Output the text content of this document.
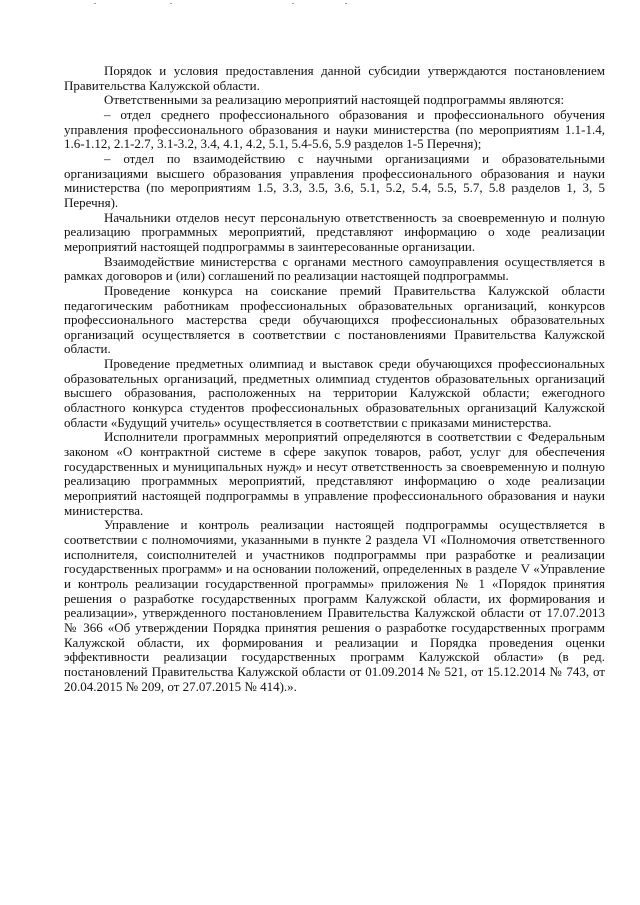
Порядок и условия предоставления данной субсидии утверждаются постановлением Правительства Калужской области.

Ответственными за реализацию мероприятий настоящей подпрограммы являются:

– отдел среднего профессионального образования и профессионального обучения управления профессионального образования и науки министерства (по мероприятиям 1.1-1.4, 1.6-1.12, 2.1-2.7, 3.1-3.2, 3.4, 4.1, 4.2, 5.1, 5.4-5.6, 5.9 разделов 1-5 Перечня);

– отдел по взаимодействию с научными организациями и образовательными организациями высшего образования управления профессионального образования и науки министерства (по мероприятиям 1.5, 3.3, 3.5, 3.6, 5.1, 5.2, 5.4, 5.5, 5.7, 5.8 разделов 1, 3, 5 Перечня).

Начальники отделов несут персональную ответственность за своевременную и полную реализацию программных мероприятий, представляют информацию о ходе реализации мероприятий настоящей подпрограммы в заинтересованные организации.

Взаимодействие министерства с органами местного самоуправления осуществляется в рамках договоров и (или) соглашений по реализации настоящей подпрограммы.

Проведение конкурса на соискание премий Правительства Калужской области педагогическим работникам профессиональных образовательных организаций, конкурсов профессионального мастерства среди обучающихся профессиональных образовательных организаций осуществляется в соответствии с постановлениями Правительства Калужской области.

Проведение предметных олимпиад и выставок среди обучающихся профессиональных образовательных организаций, предметных олимпиад студентов образовательных организаций высшего образования, расположенных на территории Калужской области; ежегодного областного конкурса студентов профессиональных образовательных организаций Калужской области «Будущий учитель» осуществляется в соответствии с приказами министерства.

Исполнители программных мероприятий определяются в соответствии с Федеральным законом «О контрактной системе в сфере закупок товаров, работ, услуг для обеспечения государственных и муниципальных нужд» и несут ответственность за своевременную и полную реализацию программных мероприятий, представляют информацию о ходе реализации мероприятий настоящей подпрограммы в управление профессионального образования и науки министерства.

Управление и контроль реализации настоящей подпрограммы осуществляется в соответствии с полномочиями, указанными в пункте 2 раздела VI «Полномочия ответственного исполнителя, соисполнителей и участников подпрограммы при разработке и реализации государственных программ» и на основании положений, определенных в разделе V «Управление и контроль реализации государственной программы» приложения № 1 «Порядок принятия решения о разработке государственных программ Калужской области, их формирования и реализации», утвержденного постановлением Правительства Калужской области от 17.07.2013 № 366 «Об утверждении Порядка принятия решения о разработке государственных программ Калужской области, их формирования и реализации и Порядка проведения оценки эффективности реализации государственных программ Калужской области» (в ред. постановлений Правительства Калужской области от 01.09.2014 № 521, от 15.12.2014 № 743, от 20.04.2015 № 209, от 27.07.2015 № 414).».
